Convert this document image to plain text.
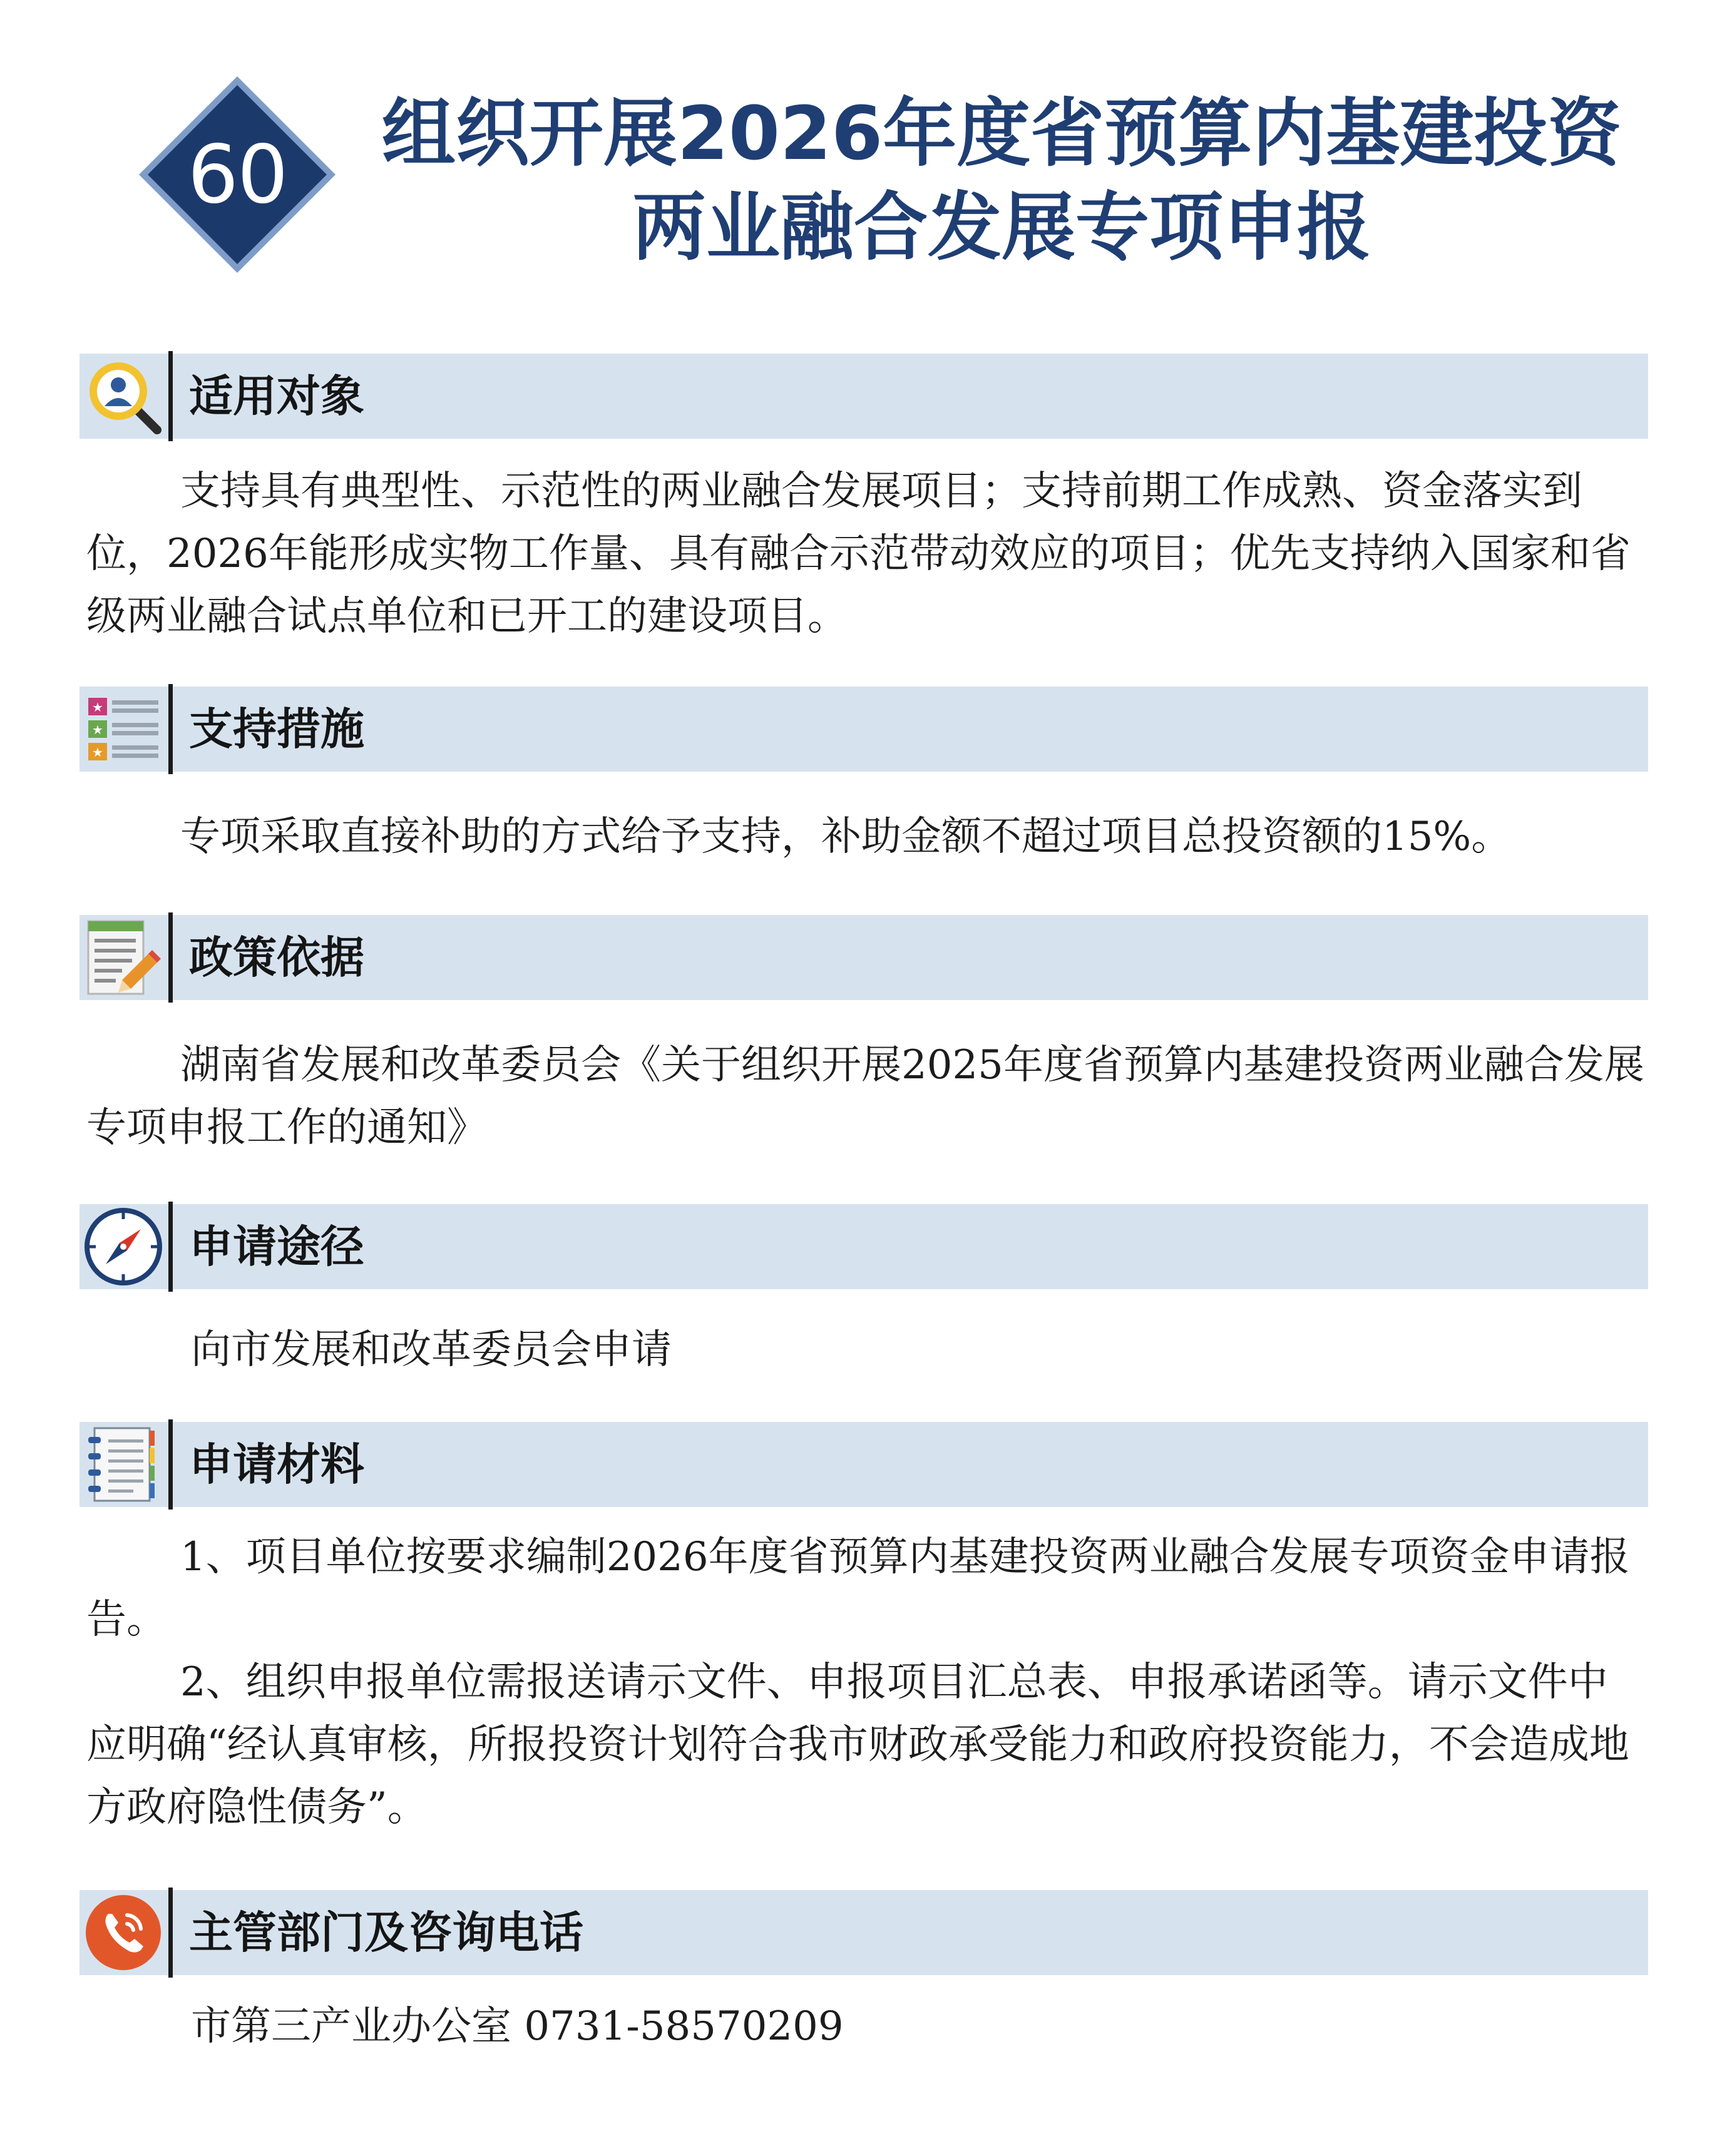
60	组织开展2026年度省预算内基建投资
两业融合发展专项申报
适用对象
支持具有典型性、示范性的两业融合发展项目；支持前期工作成熟、资金落实到位，2026年能形成实物工作量、具有融合示范带动效应的项目；优先支持纳入国家和省级两业融合试点单位和已开工的建设项目。
★
★
★ 支持措施
专项采取直接补助的方式给予支持，补助金额不超过项目总投资额的15%。
政策依据
湖南省发展和改革委员会《关于组织开展2025年度省预算内基建投资两业融合发展专项申报工作的通知》
申请途径
向市发展和改革委员会申请
申请材料
1、项目单位按要求编制2026年度省预算内基建投资两业融合发展专项资金申请报告。
2、组织申报单位需报送请示文件、申报项目汇总表、申报承诺函等。请示文件中应明确“经认真审核，所报投资计划符合我市财政承受能力和政府投资能力，不会造成地方政府隐性债务”。
主管部门及咨询电话
市第三产业办公室 0731-58570209
